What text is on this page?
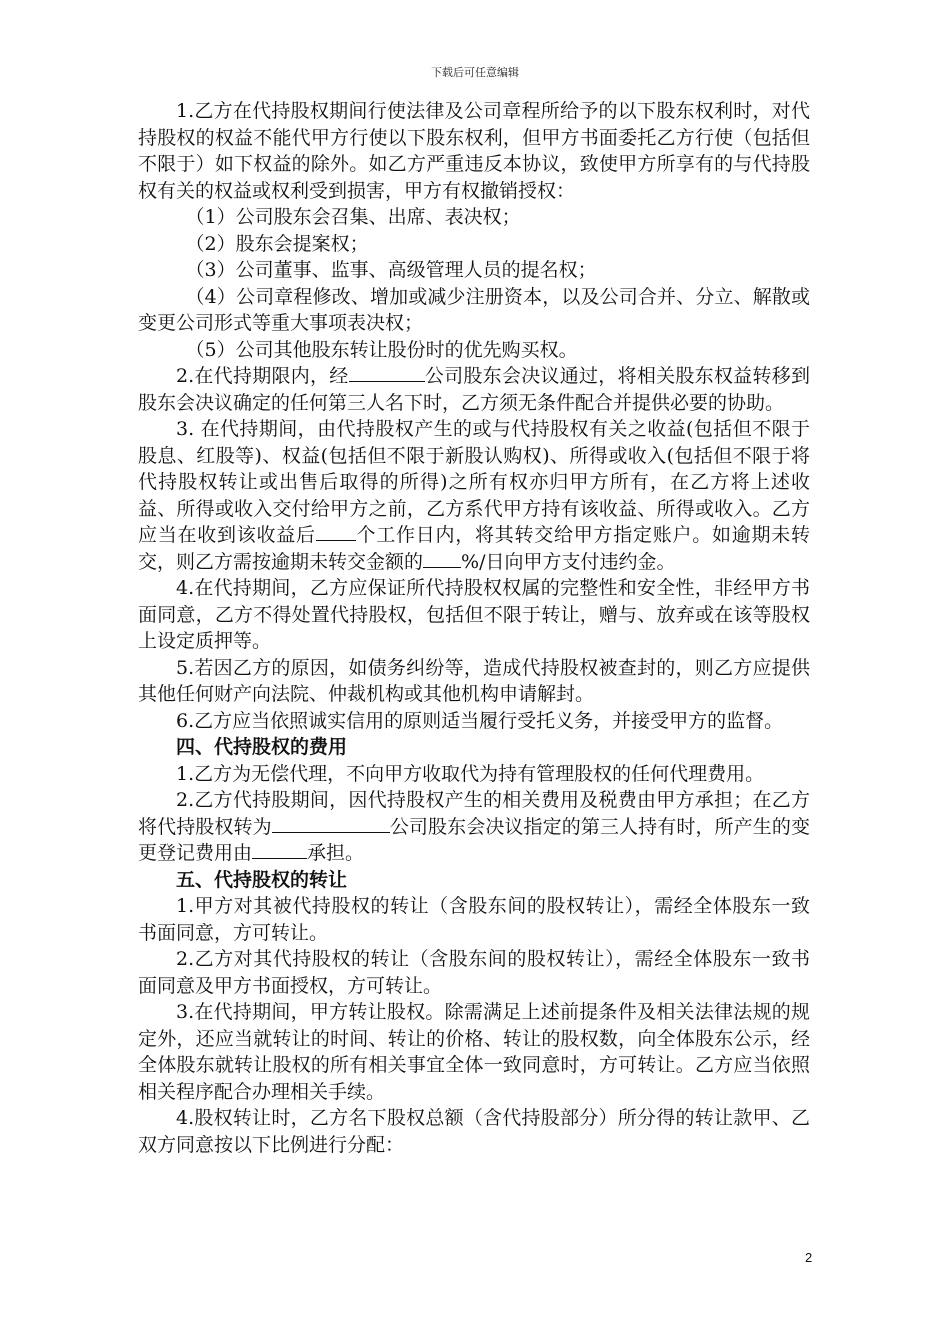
下载后可任意编辑

1.乙方在代持股权期间行使法律及公司章程所给予的以下股东权利时，对代持股权的权益不能代甲方行使以下股东权利，但甲方书面委托乙方行使（包括但不限于）如下权益的除外。如乙方严重违反本协议，致使甲方所享有的与代持股权有关的权益或权利受到损害，甲方有权撤销授权：

（1）公司股东会召集、出席、表决权；

（2）股东会提案权；

（3）公司董事、监事、高级管理人员的提名权；

（4）公司章程修改、增加或减少注册资本，以及公司合并、分立、解散或变更公司形式等重大事项表决权；

（5）公司其他股东转让股份时的优先购买权。

2.在代持期限内，经	公司股东会决议通过，将相关股东权益转移到股东会决议确定的任何第三人名下时，乙方须无条件配合并提供必要的协助。

3. 在代持期间，由代持股权产生的或与代持股权有关之收益(包括但不限于股息、红股等)、权益(包括但不限于新股认购权)、所得或收入(包括但不限于将代持股权转让或出售后取得的所得)之所有权亦归甲方所有，在乙方将上述收益、所得或收入交付给甲方之前，乙方系代甲方持有该收益、所得或收入。乙方应当在收到该收益后 个工作日内，将其转交给甲方指定账户。如逾期未转交，则乙方需按逾期未转交金额的 %/日向甲方支付违约金。

4.在代持期间，乙方应保证所代持股权权属的完整性和安全性，非经甲方书面同意，乙方不得处置代持股权，包括但不限于转让，赠与、放弃或在该等股权上设定质押等。

5.若因乙方的原因，如债务纠纷等，造成代持股权被查封的，则乙方应提供其他任何财产向法院、仲裁机构或其他机构申请解封。

6.乙方应当依照诚实信用的原则适当履行受托义务，并接受甲方的监督。

四、代持股权的费用

1.乙方为无偿代理，不向甲方收取代为持有管理股权的任何代理费用。

2.乙方代持股期间，因代持股权产生的相关费用及税费由甲方承担；在乙方将代持股权转为	公司股东会决议指定的第三人持有时，所产生的变更登记费用由	承担。

五、代持股权的转让

1.甲方对其被代持股权的转让（含股东间的股权转让），需经全体股东一致书面同意，方可转让。

2.乙方对其代持股权的转让（含股东间的股权转让），需经全体股东一致书面同意及甲方书面授权，方可转让。

3.在代持期间，甲方转让股权。除需满足上述前提条件及相关法律法规的规定外，还应当就转让的时间、转让的价格、转让的股权数，向全体股东公示，经全体股东就转让股权的所有相关事宜全体一致同意时，方可转让。乙方应当依照相关程序配合办理相关手续。

4.股权转让时，乙方名下股权总额（含代持股部分）所分得的转让款甲、乙双方同意按以下比例进行分配：

2
